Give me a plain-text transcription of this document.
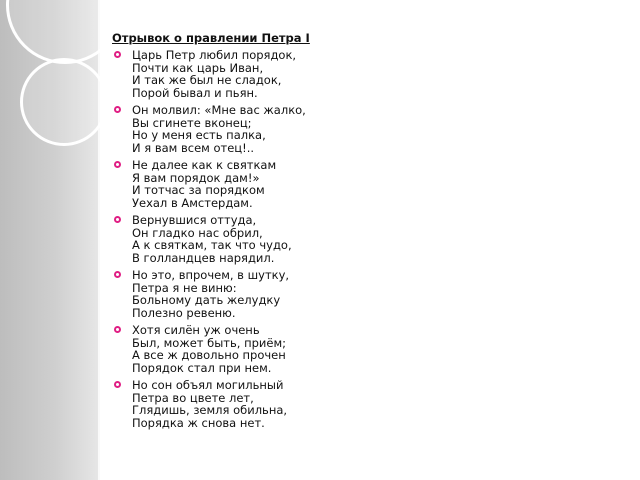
Отрывок о правлении Петра I
Царь Петр любил порядок,
Почти как царь Иван,
И так же был не сладок,
Порой бывал и пьян.
Он молвил: «Мне вас жалко,
Вы сгинете вконец;
Но у меня есть палка,
И я вам всем отец!..
Не далее как к святкам
Я вам порядок дам!»
И тотчас за порядком
Уехал в Амстердам.
Вернувшися оттуда,
Он гладко нас обрил,
А к святкам, так что чудо,
В голландцев нарядил.
Но это, впрочем, в шутку,
Петра я не виню:
Больному дать желудку
Полезно ревеню.
Хотя силён уж очень
Был, может быть, приём;
А все ж довольно прочен
Порядок стал при нем.
Но сон объял могильный
Петра во цвете лет,
Глядишь, земля обильна,
Порядка ж снова нет.
